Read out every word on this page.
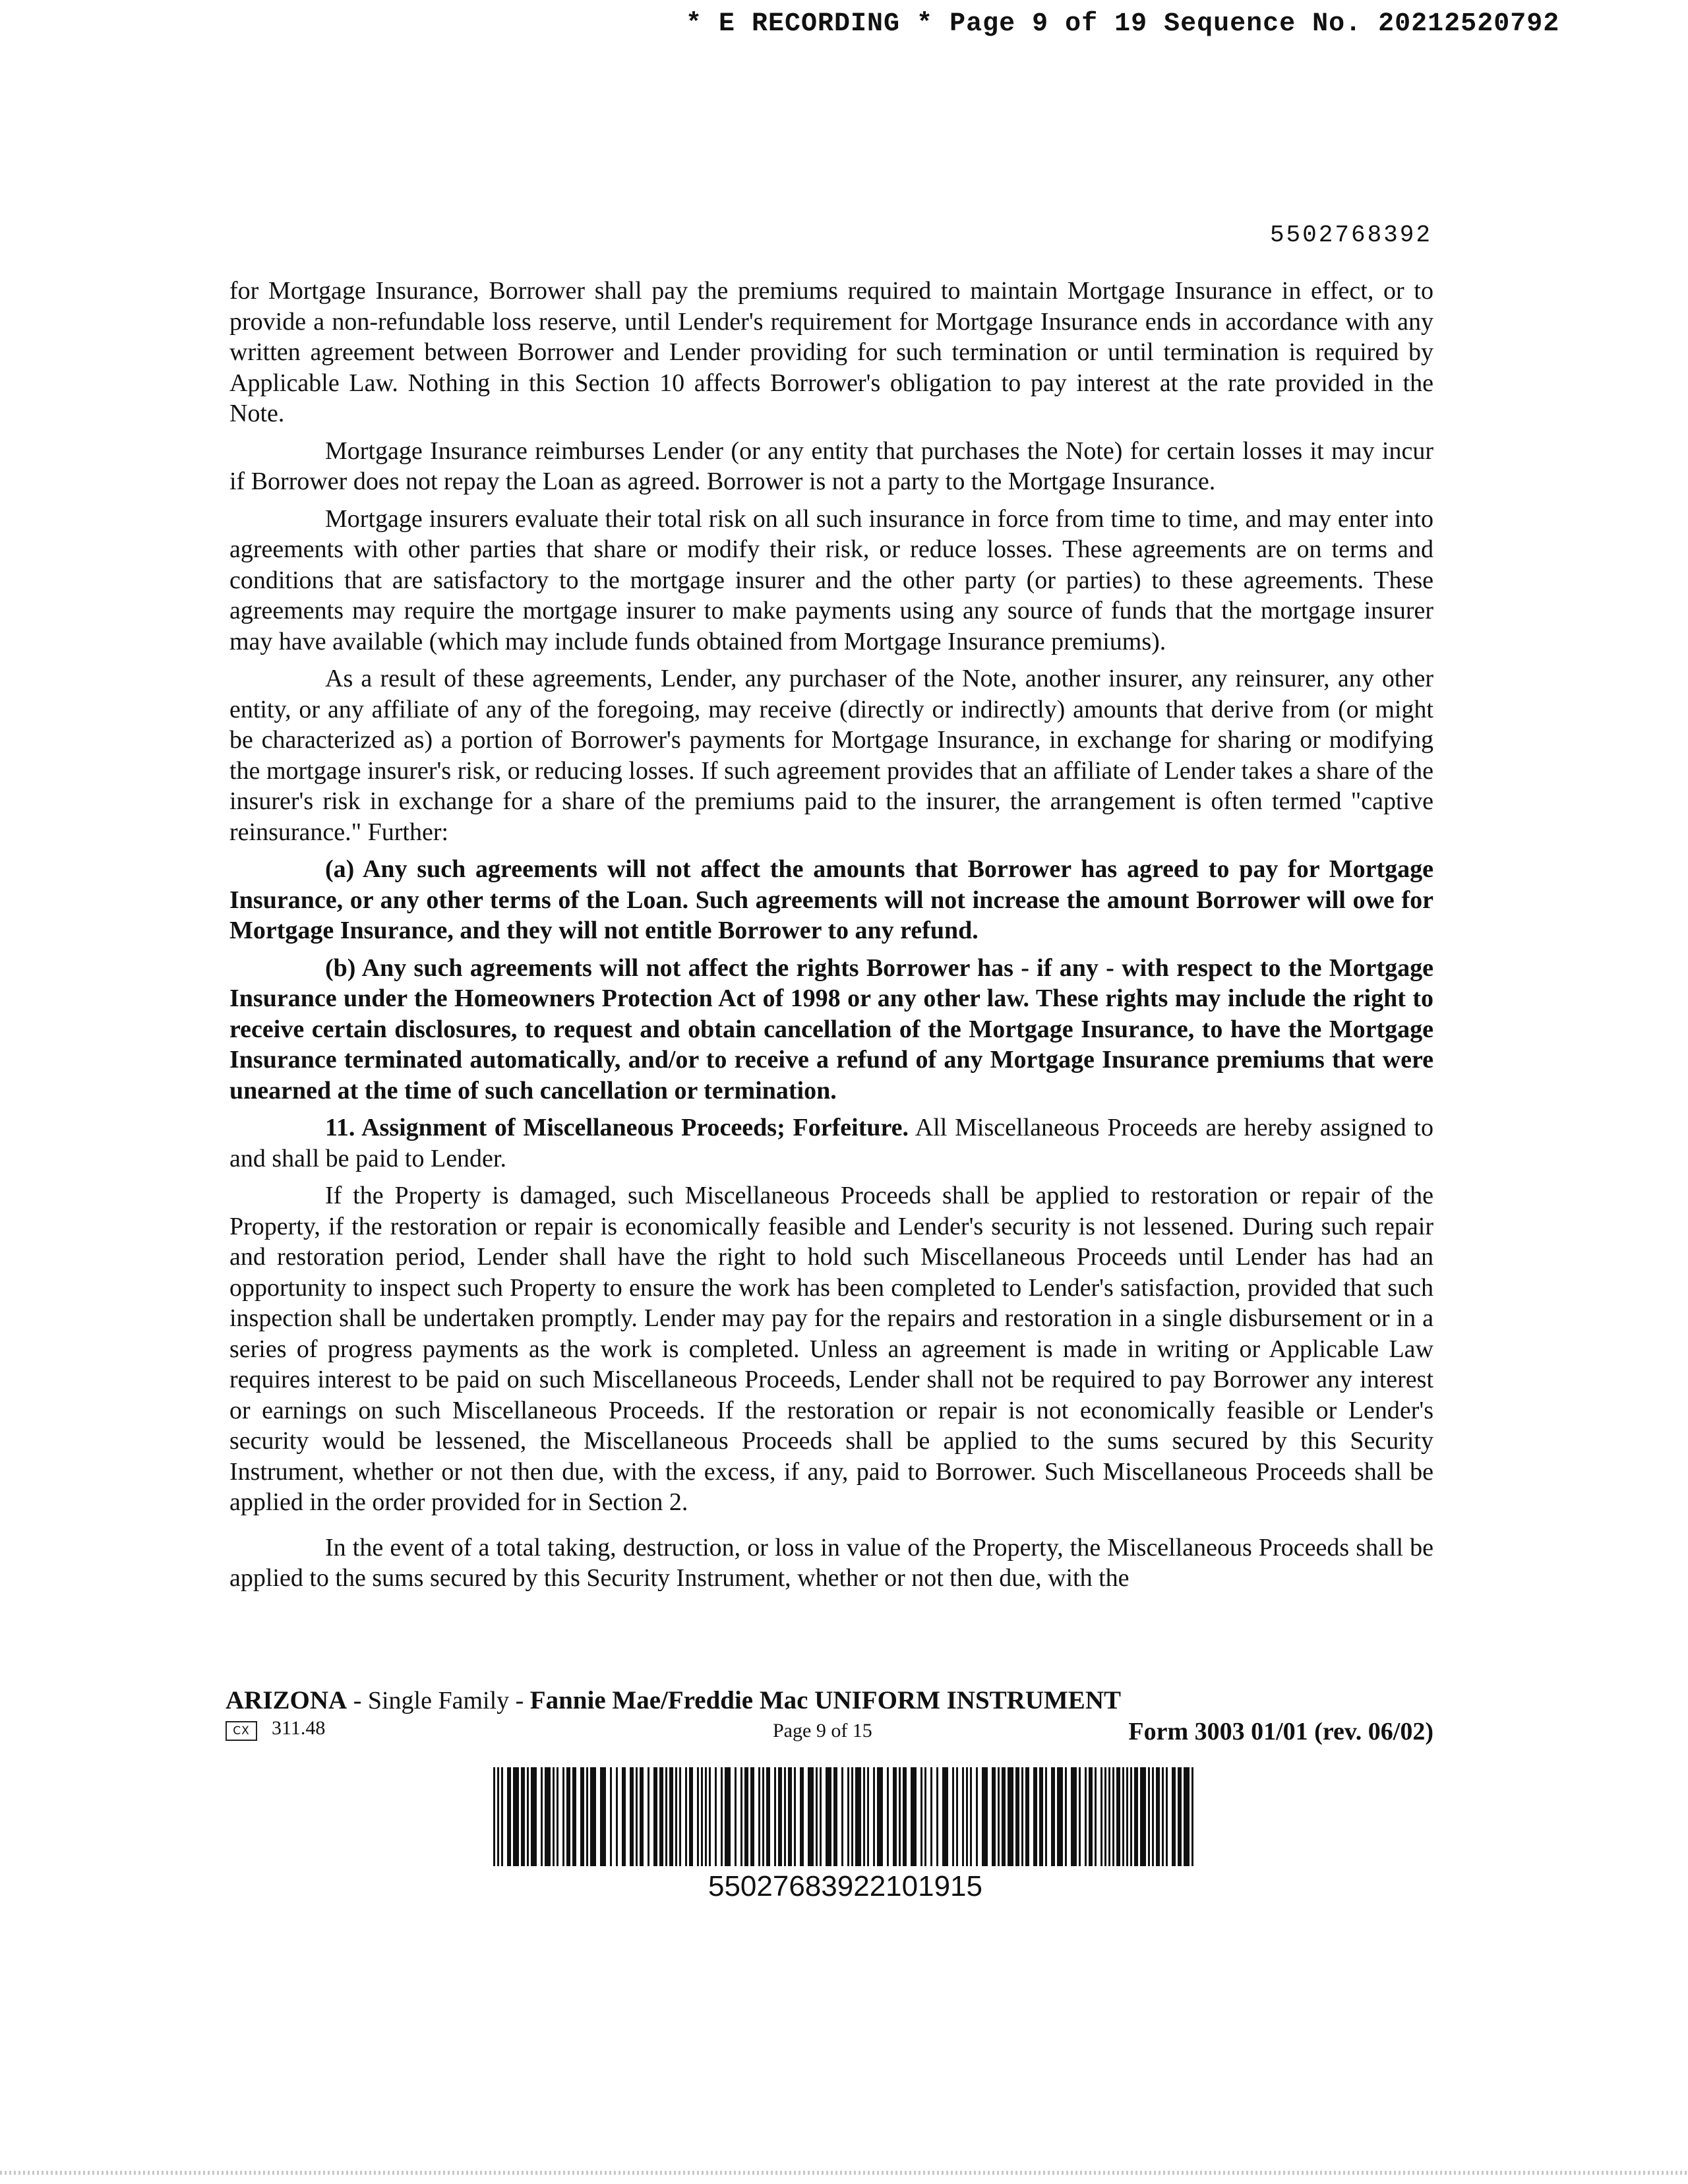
* E RECORDING * Page 9 of 19 Sequence No. 20212520792
5502768392

for Mortgage Insurance, Borrower shall pay the premiums required to maintain Mortgage Insurance in effect, or to provide a non-refundable loss reserve, until Lender's requirement for Mortgage Insurance ends in accordance with any written agreement between Borrower and Lender providing for such termination or until termination is required by Applicable Law. Nothing in this Section 10 affects Borrower's obligation to pay interest at the rate provided in the Note.

Mortgage Insurance reimburses Lender (or any entity that purchases the Note) for certain losses it may incur if Borrower does not repay the Loan as agreed. Borrower is not a party to the Mortgage Insurance.

Mortgage insurers evaluate their total risk on all such insurance in force from time to time, and may enter into agreements with other parties that share or modify their risk, or reduce losses. These agreements are on terms and conditions that are satisfactory to the mortgage insurer and the other party (or parties) to these agreements. These agreements may require the mortgage insurer to make payments using any source of funds that the mortgage insurer may have available (which may include funds obtained from Mortgage Insurance premiums).

As a result of these agreements, Lender, any purchaser of the Note, another insurer, any reinsurer, any other entity, or any affiliate of any of the foregoing, may receive (directly or indirectly) amounts that derive from (or might be characterized as) a portion of Borrower's payments for Mortgage Insurance, in exchange for sharing or modifying the mortgage insurer's risk, or reducing losses. If such agreement provides that an affiliate of Lender takes a share of the insurer's risk in exchange for a share of the premiums paid to the insurer, the arrangement is often termed "captive reinsurance." Further:

(a) Any such agreements will not affect the amounts that Borrower has agreed to pay for Mortgage Insurance, or any other terms of the Loan. Such agreements will not increase the amount Borrower will owe for Mortgage Insurance, and they will not entitle Borrower to any refund.

(b) Any such agreements will not affect the rights Borrower has - if any - with respect to the Mortgage Insurance under the Homeowners Protection Act of 1998 or any other law. These rights may include the right to receive certain disclosures, to request and obtain cancellation of the Mortgage Insurance, to have the Mortgage Insurance terminated automatically, and/or to receive a refund of any Mortgage Insurance premiums that were unearned at the time of such cancellation or termination.

11. Assignment of Miscellaneous Proceeds; Forfeiture. All Miscellaneous Proceeds are hereby assigned to and shall be paid to Lender.

If the Property is damaged, such Miscellaneous Proceeds shall be applied to restoration or repair of the Property, if the restoration or repair is economically feasible and Lender's security is not lessened. During such repair and restoration period, Lender shall have the right to hold such Miscellaneous Proceeds until Lender has had an opportunity to inspect such Property to ensure the work has been completed to Lender's satisfaction, provided that such inspection shall be undertaken promptly. Lender may pay for the repairs and restoration in a single disbursement or in a series of progress payments as the work is completed. Unless an agreement is made in writing or Applicable Law requires interest to be paid on such Miscellaneous Proceeds, Lender shall not be required to pay Borrower any interest or earnings on such Miscellaneous Proceeds. If the restoration or repair is not economically feasible or Lender's security would be lessened, the Miscellaneous Proceeds shall be applied to the sums secured by this Security Instrument, whether or not then due, with the excess, if any, paid to Borrower. Such Miscellaneous Proceeds shall be applied in the order provided for in Section 2.

In the event of a total taking, destruction, or loss in value of the Property, the Miscellaneous Proceeds shall be applied to the sums secured by this Security Instrument, whether or not then due, with the

ARIZONA - Single Family - Fannie Mae/Freddie Mac UNIFORM INSTRUMENT
CX	311.48	Page 9 of 15	Form 3003 01/01 (rev. 06/02)
55027683922101915
